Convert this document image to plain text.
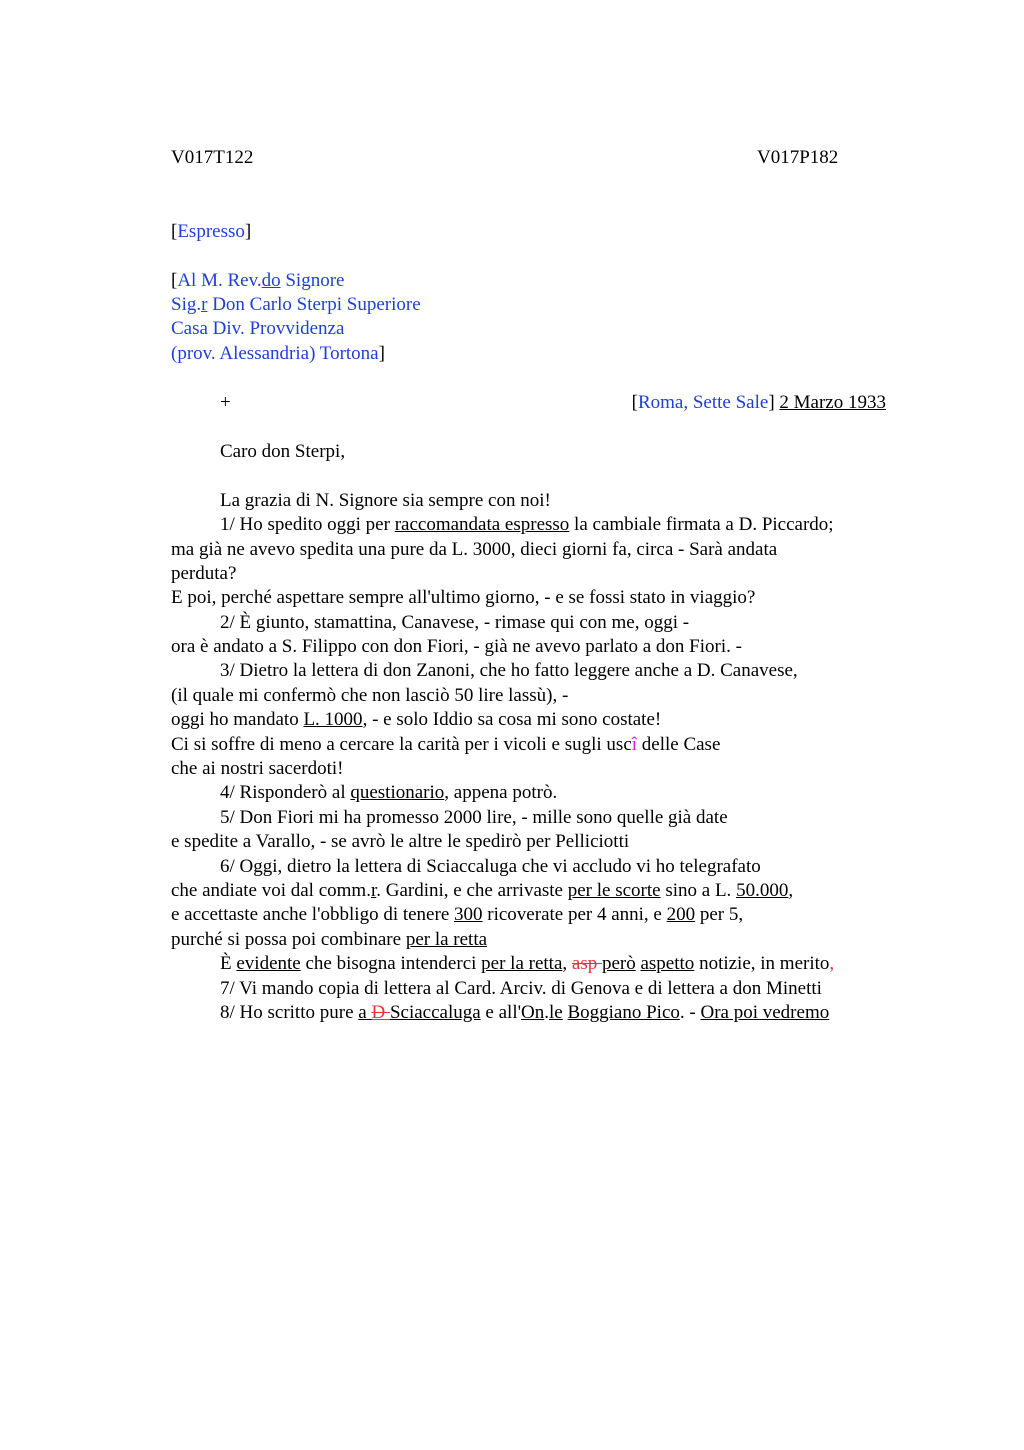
V017T122	V017P182
[Espresso]
[Al M. Rev.do Signore
Sig.r Don Carlo Sterpi Superiore
Casa Div. Provvidenza
(prov. Alessandria) Tortona]
+	[Roma, Sette Sale] 2 Marzo 1933
Caro don Sterpi,
La grazia di N. Signore sia sempre con noi!
1/ Ho spedito oggi per raccomandata espresso la cambiale firmata a D. Piccardo;
ma già ne avevo spedita una pure da L. 3000, dieci giorni fa, circa - Sarà andata
perduta?
E poi, perché aspettare sempre all'ultimo giorno, - e se fossi stato in viaggio?
2/ È giunto, stamattina, Canavese, - rimase qui con me, oggi -
ora è andato a S. Filippo con don Fiori, - già ne avevo parlato a don Fiori. -
3/ Dietro la lettera di don Zanoni, che ho fatto leggere anche a D. Canavese,
(il quale mi confermò che non lasciò 50 lire lassù), -
oggi ho mandato L. 1000, - e solo Iddio sa cosa mi sono costate!
Ci si soffre di meno a cercare la carità per i vicoli e sugli uscî delle Case
che ai nostri sacerdoti!
4/ Risponderò al questionario, appena potrò.
5/ Don Fiori mi ha promesso 2000 lire, - mille sono quelle già date
e spedite a Varallo, - se avrò le altre le spedirò per Pelliciotti
6/ Oggi, dietro la lettera di Sciaccaluga che vi accludo vi ho telegrafato
che andiate voi dal comm.r. Gardini, e che arrivaste per le scorte sino a L. 50.000,
e accettaste anche l'obbligo di tenere 300 ricoverate per 4 anni, e 200 per 5,
purché si possa poi combinare per la retta
È evidente che bisogna intenderci per la retta, asp però aspetto notizie, in merito,
7/ Vi mando copia di lettera al Card. Arciv. di Genova e di lettera a don Minetti
8/ Ho scritto pure a D Sciaccaluga e all'On.le Boggiano Pico. - Ora poi vedremo
